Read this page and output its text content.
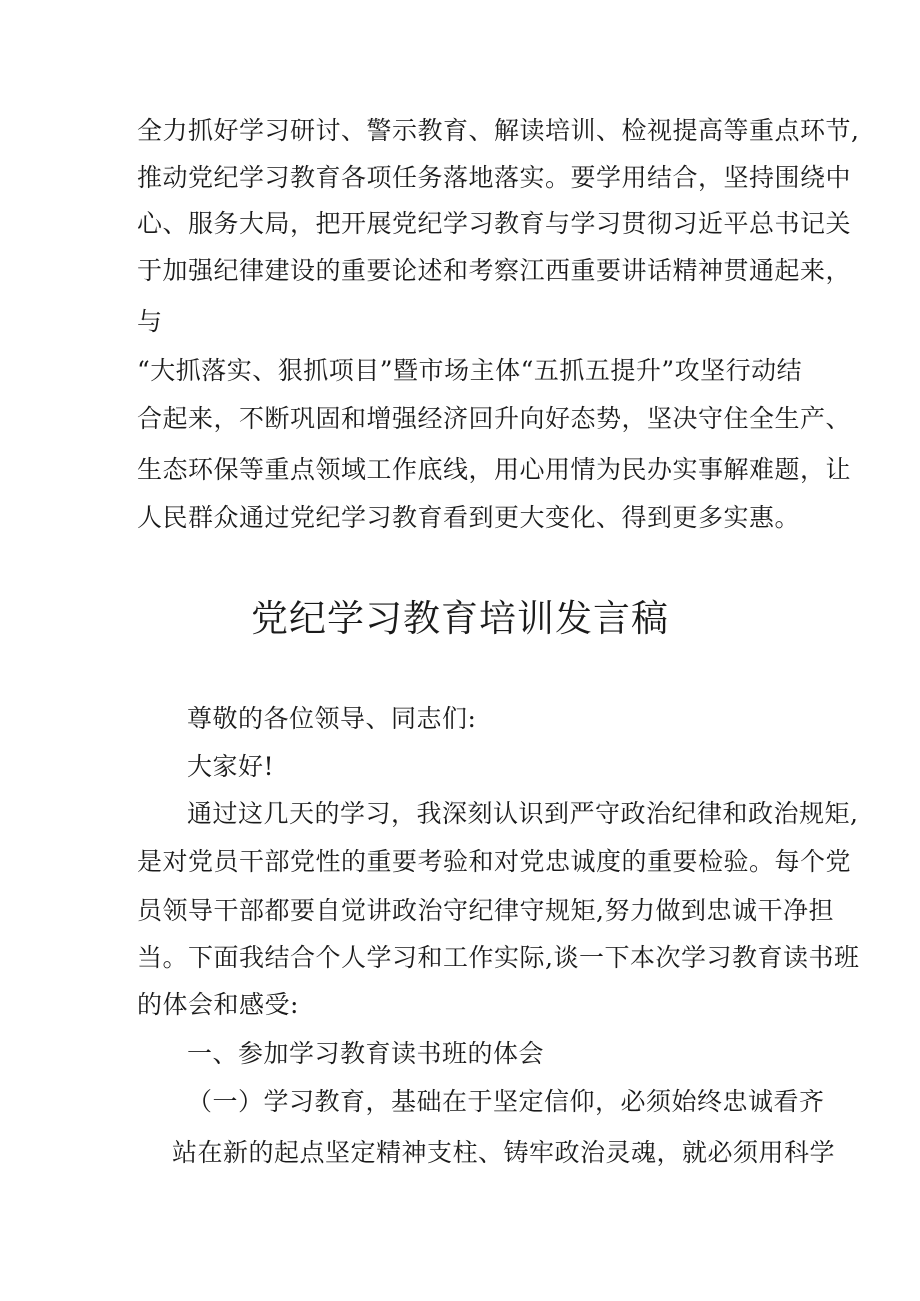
全力抓好学习研讨、警示教育、解读培训、检视提高等重点环节,
推动党纪学习教育各项任务落地落实。要学用结合，坚持围绕中
心、服务大局，把开展党纪学习教育与学习贯彻习近平总书记关
于加强纪律建设的重要论述和考察江西重要讲话精神贯通起来，
与
“大抓落实、狠抓项目”暨市场主体“五抓五提升”攻坚行动结
合起来，不断巩固和增强经济回升向好态势，坚决守住全生产、
生态环保等重点领域工作底线，用心用情为民办实事解难题，让
人民群众通过党纪学习教育看到更大变化、得到更多实惠。
党纪学习教育培训发言稿
尊敬的各位领导、同志们:
大家好!
通过这几天的学习，我深刻认识到严守政治纪律和政治规矩,
是对党员干部党性的重要考验和对党忠诚度的重要检验。每个党
员领导干部都要自觉讲政治守纪律守规矩,努力做到忠诚干净担
当。下面我结合个人学习和工作实际,谈一下本次学习教育读书班
的体会和感受:
一、参加学习教育读书班的体会
（一）学习教育，基础在于坚定信仰，必须始终忠诚看齐
站在新的起点坚定精神支柱、铸牢政治灵魂，就必须用科学
